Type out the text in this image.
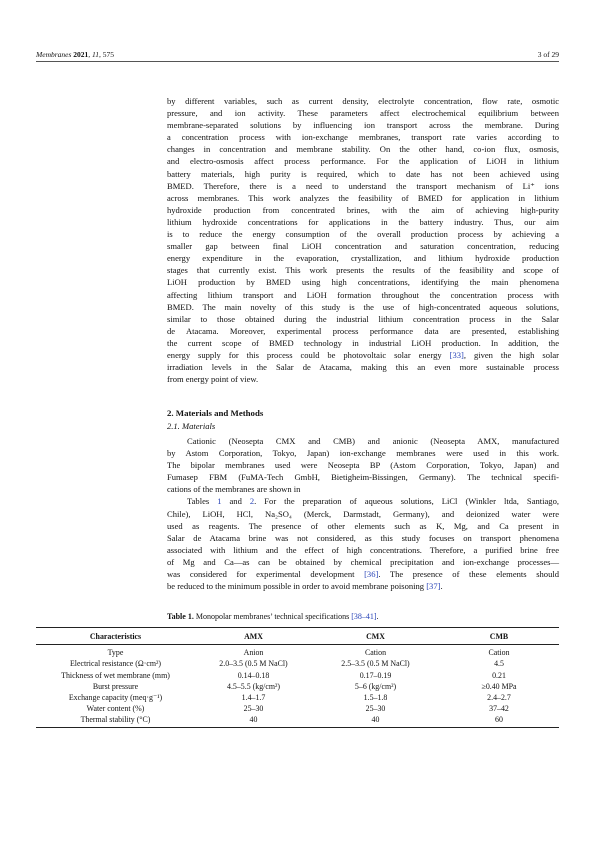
Membranes 2021, 11, 575	3 of 29
by different variables, such as current density, electrolyte concentration, flow rate, osmotic
pressure, and ion activity. These parameters affect electrochemical equilibrium between
membrane-separated solutions by influencing ion transport across the membrane. During
a concentration process with ion-exchange membranes, transport rate varies according to
changes in concentration and membrane stability. On the other hand, co-ion flux, osmosis,
and electro-osmosis affect process performance. For the application of LiOH in lithium
battery materials, high purity is required, which to date has not been achieved using
BMED. Therefore, there is a need to understand the transport mechanism of Li⁺ ions
across membranes. This work analyzes the feasibility of BMED for application in lithium
hydroxide production from concentrated brines, with the aim of achieving high-purity
lithium hydroxide concentrations for applications in the battery industry. Thus, our aim
is to reduce the energy consumption of the overall production process by achieving a
smaller gap between final LiOH concentration and saturation concentration, reducing
energy expenditure in the evaporation, crystallization, and lithium hydroxide production
stages that currently exist. This work presents the results of the feasibility and scope of
LiOH production by BMED using high concentrations, identifying the main phenomena
affecting lithium transport and LiOH formation throughout the concentration process with
BMED. The main novelty of this study is the use of high-concentrated aqueous solutions,
similar to those obtained during the industrial lithium concentration process in the Salar
de Atacama. Moreover, experimental process performance data are presented, establishing
the current scope of BMED technology in industrial LiOH production. In addition, the
energy supply for this process could be photovoltaic solar energy [33], given the high solar
irradiation levels in the Salar de Atacama, making this an even more sustainable process
from energy point of view.
2. Materials and Methods
2.1. Materials
Cationic (Neosepta CMX and CMB) and anionic (Neosepta AMX, manufactured
by Astom Corporation, Tokyo, Japan) ion-exchange membranes were used in this work.
The bipolar membranes used were Neosepta BP (Astom Corporation, Tokyo, Japan) and
Fumasep FBM (FuMA-Tech GmbH, Bietigheim-Bissingen, Germany). The technical specifi-
cations of the membranes are shown in
Tables 1 and 2. For the preparation of aqueous solutions, LiCl (Winkler ltda, Santiago,
Chile), LiOH, HCl, Na₂SO₄ (Merck, Darmstadt, Germany), and deionized water were
used as reagents. The presence of other elements such as K, Mg, and Ca present in
Salar de Atacama brine was not considered, as this study focuses on transport phenomena
associated with lithium and the effect of high concentrations. Therefore, a purified brine free
of Mg and Ca—as can be obtained by chemical precipitation and ion-exchange processes—
was considered for experimental development [36]. The presence of these elements should
be reduced to the minimum possible in order to avoid membrane poisoning [37].
Table 1. Monopolar membranes’ technical specifications [38–41].
Characteristics	AMX	CMX	CMB
Type	Anion	Cation	Cation
Electrical resistance (Ω·cm²)	2.0–3.5 (0.5 M NaCl)	2.5–3.5 (0.5 M NaCl)	4.5
Thickness of wet membrane (mm)	0.14–0.18	0.17–0.19	0.21
Burst pressure	4.5–5.5 (kg/cm²)	5–6 (kg/cm²)	≥0.40 MPa
Exchange capacity (meq·g⁻¹)	1.4–1.7	1.5–1.8	2.4–2.7
Water content (%)	25–30	25–30	37–42
Thermal stability (°C)	40	40	60
